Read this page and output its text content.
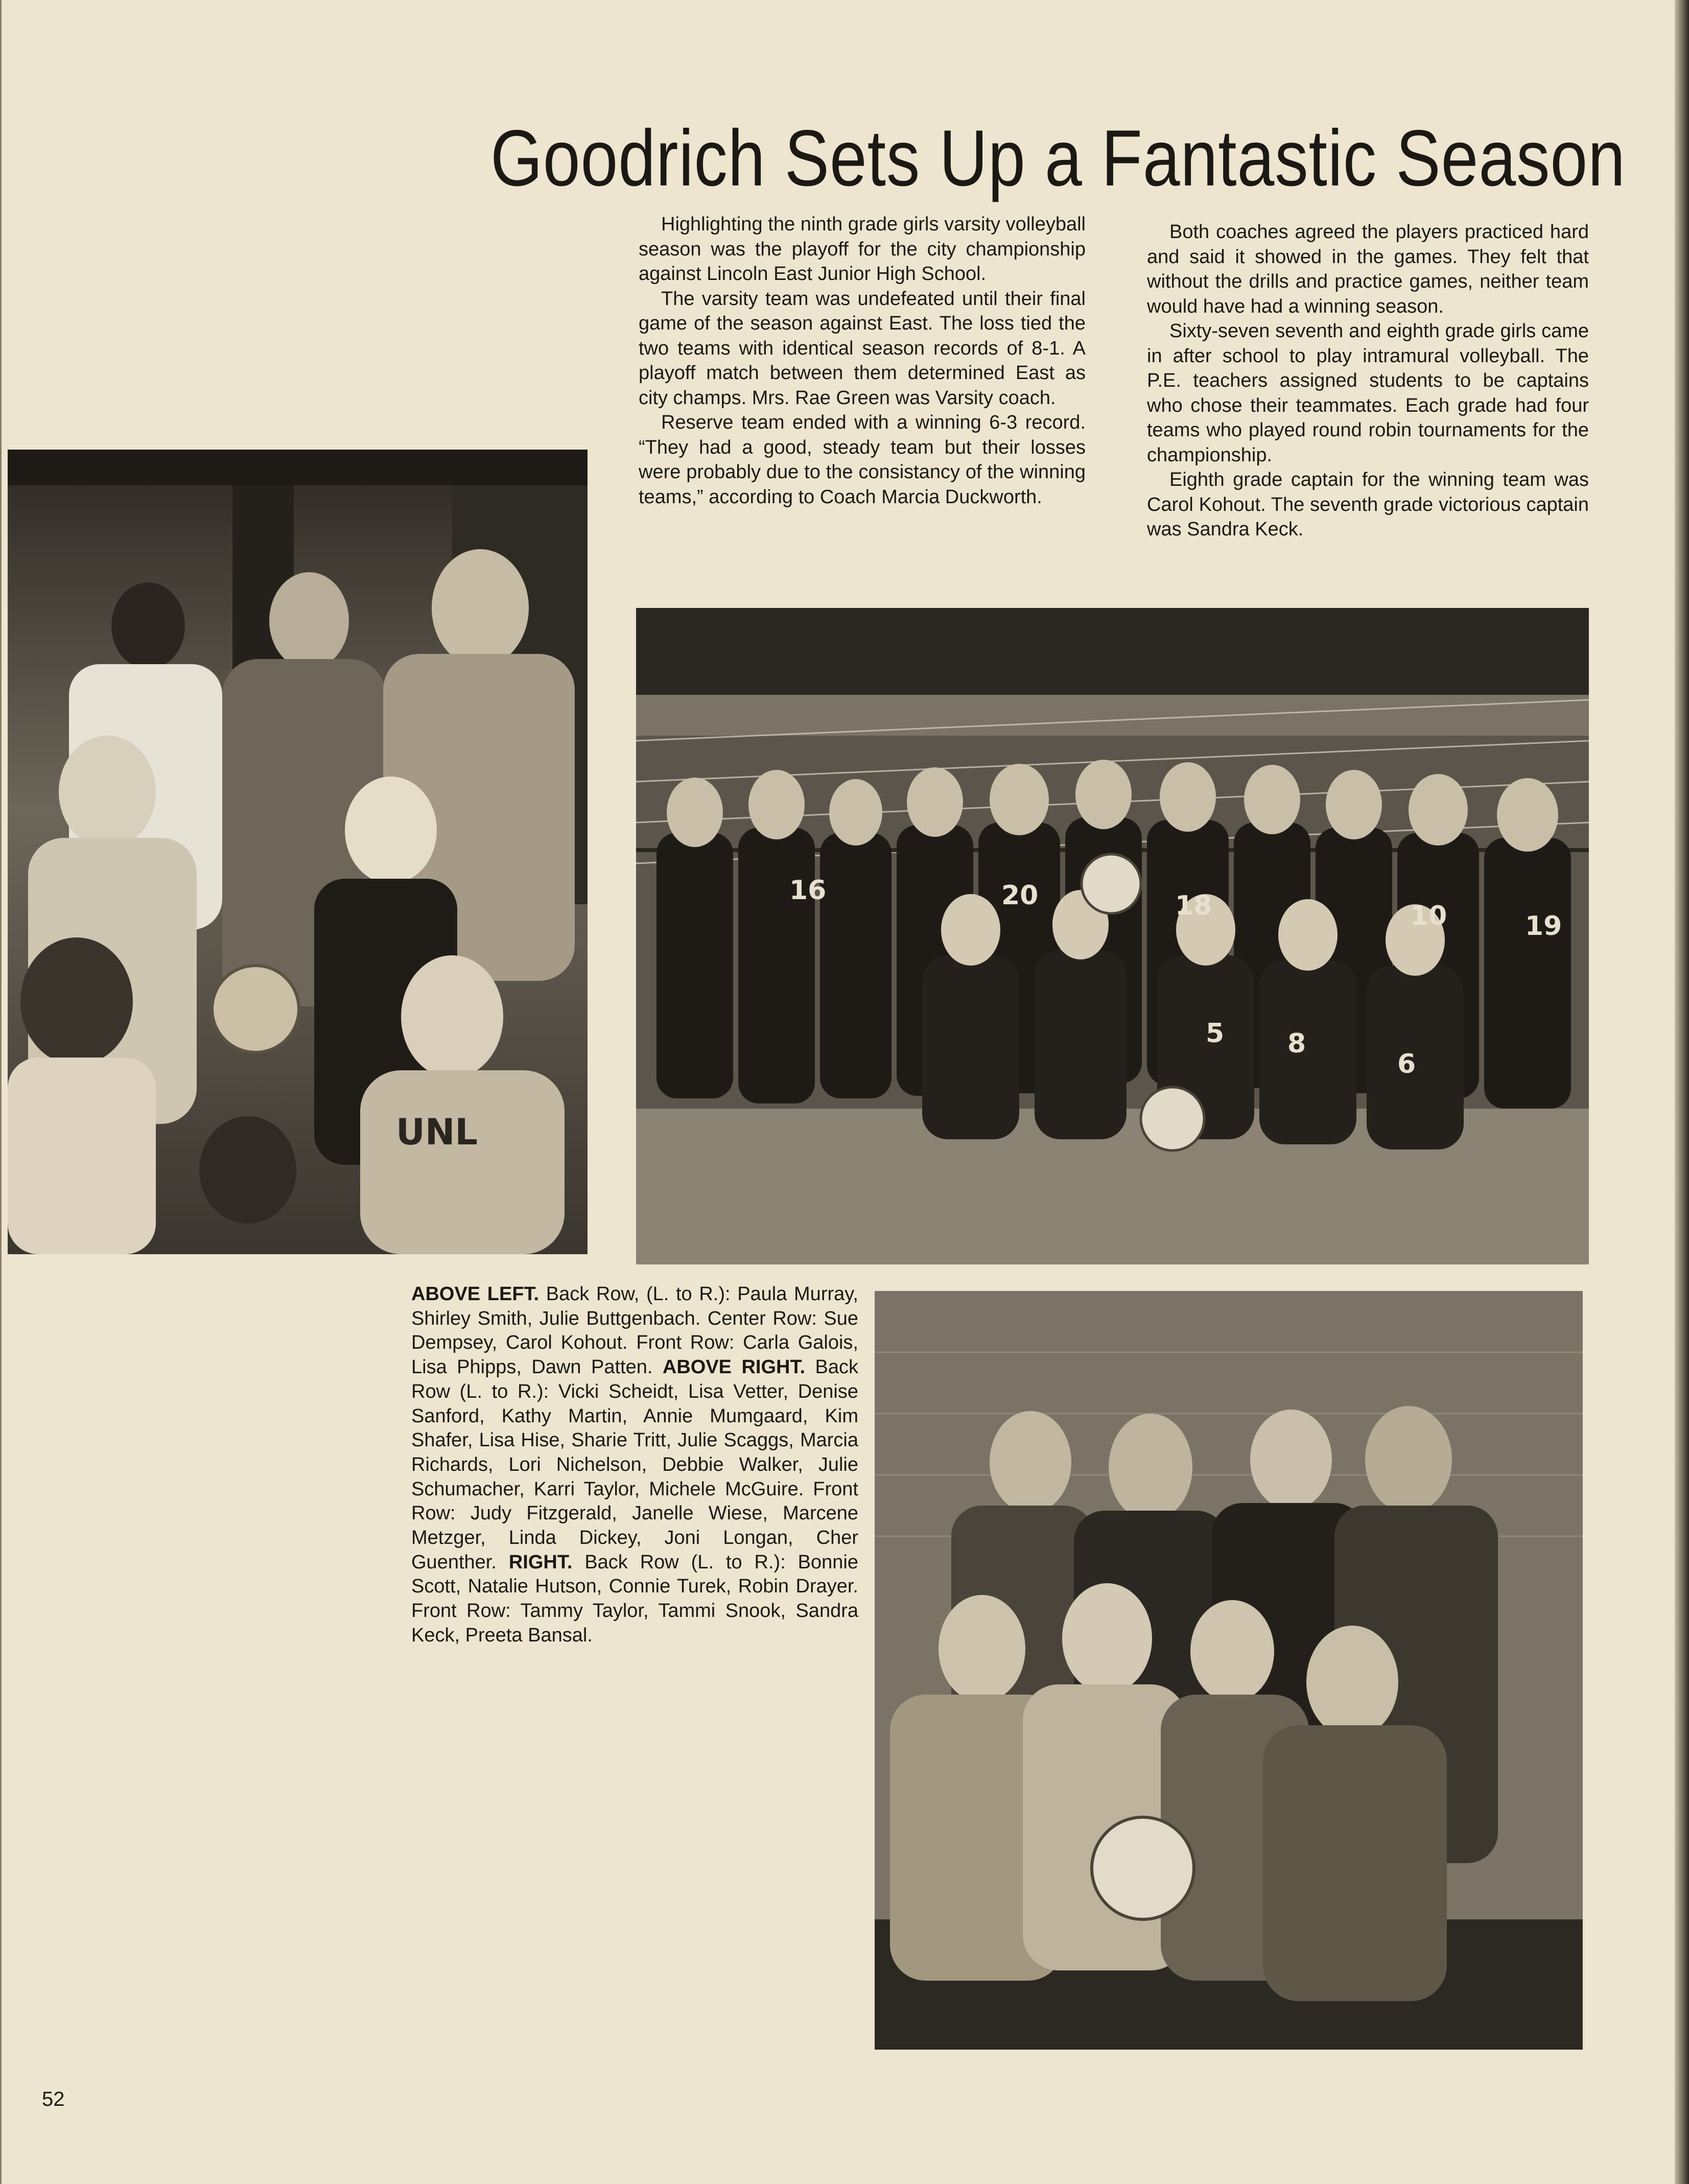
Goodrich Sets Up a Fantastic Season

Highlighting the ninth grade girls varsity volleyball season was the playoff for the city championship against Lincoln East Junior High School.

The varsity team was undefeated until their final game of the season against East. The loss tied the two teams with identical season records of 8-1. A playoff match between them determined East as city champs. Mrs. Rae Green was Varsity coach.

Reserve team ended with a winning 6-3 record. “They had a good, steady team but their losses were probably due to the consistancy of the winning teams,” according to Coach Marcia Duckworth.

Both coaches agreed the players practiced hard and said it showed in the games. They felt that without the drills and practice games, neither team would have had a winning season.

Sixty-seven seventh and eighth grade girls came in after school to play intramural volleyball. The P.E. teachers assigned students to be captains who chose their teammates. Each grade had four teams who played round robin tournaments for the championship.

Eighth grade captain for the winning team was Carol Kohout. The seventh grade victorious captain was Sandra Keck.

UNL
16	20	18	10	19
5 8
6
ABOVE LEFT. Back Row, (L. to R.): Paula Murray, Shirley Smith, Julie Buttgenbach. Center Row: Sue Dempsey, Carol Kohout. Front Row: Carla Galois, Lisa Phipps, Dawn Patten. ABOVE RIGHT. Back Row (L. to R.): Vicki Scheidt, Lisa Vetter, Denise Sanford, Kathy Martin, Annie Mumgaard, Kim Shafer, Lisa Hise, Sharie Tritt, Julie Scaggs, Marcia Richards, Lori Nichelson, Debbie Walker, Julie Schumacher, Karri Taylor, Michele McGuire. Front Row: Judy Fitzgerald, Janelle Wiese, Marcene Metzger, Linda Dickey, Joni Longan, Cher Guenther. RIGHT. Back Row (L. to R.): Bonnie Scott, Natalie Hutson, Connie Turek, Robin Drayer. Front Row: Tammy Taylor, Tammi Snook, Sandra Keck, Preeta Bansal.
52
